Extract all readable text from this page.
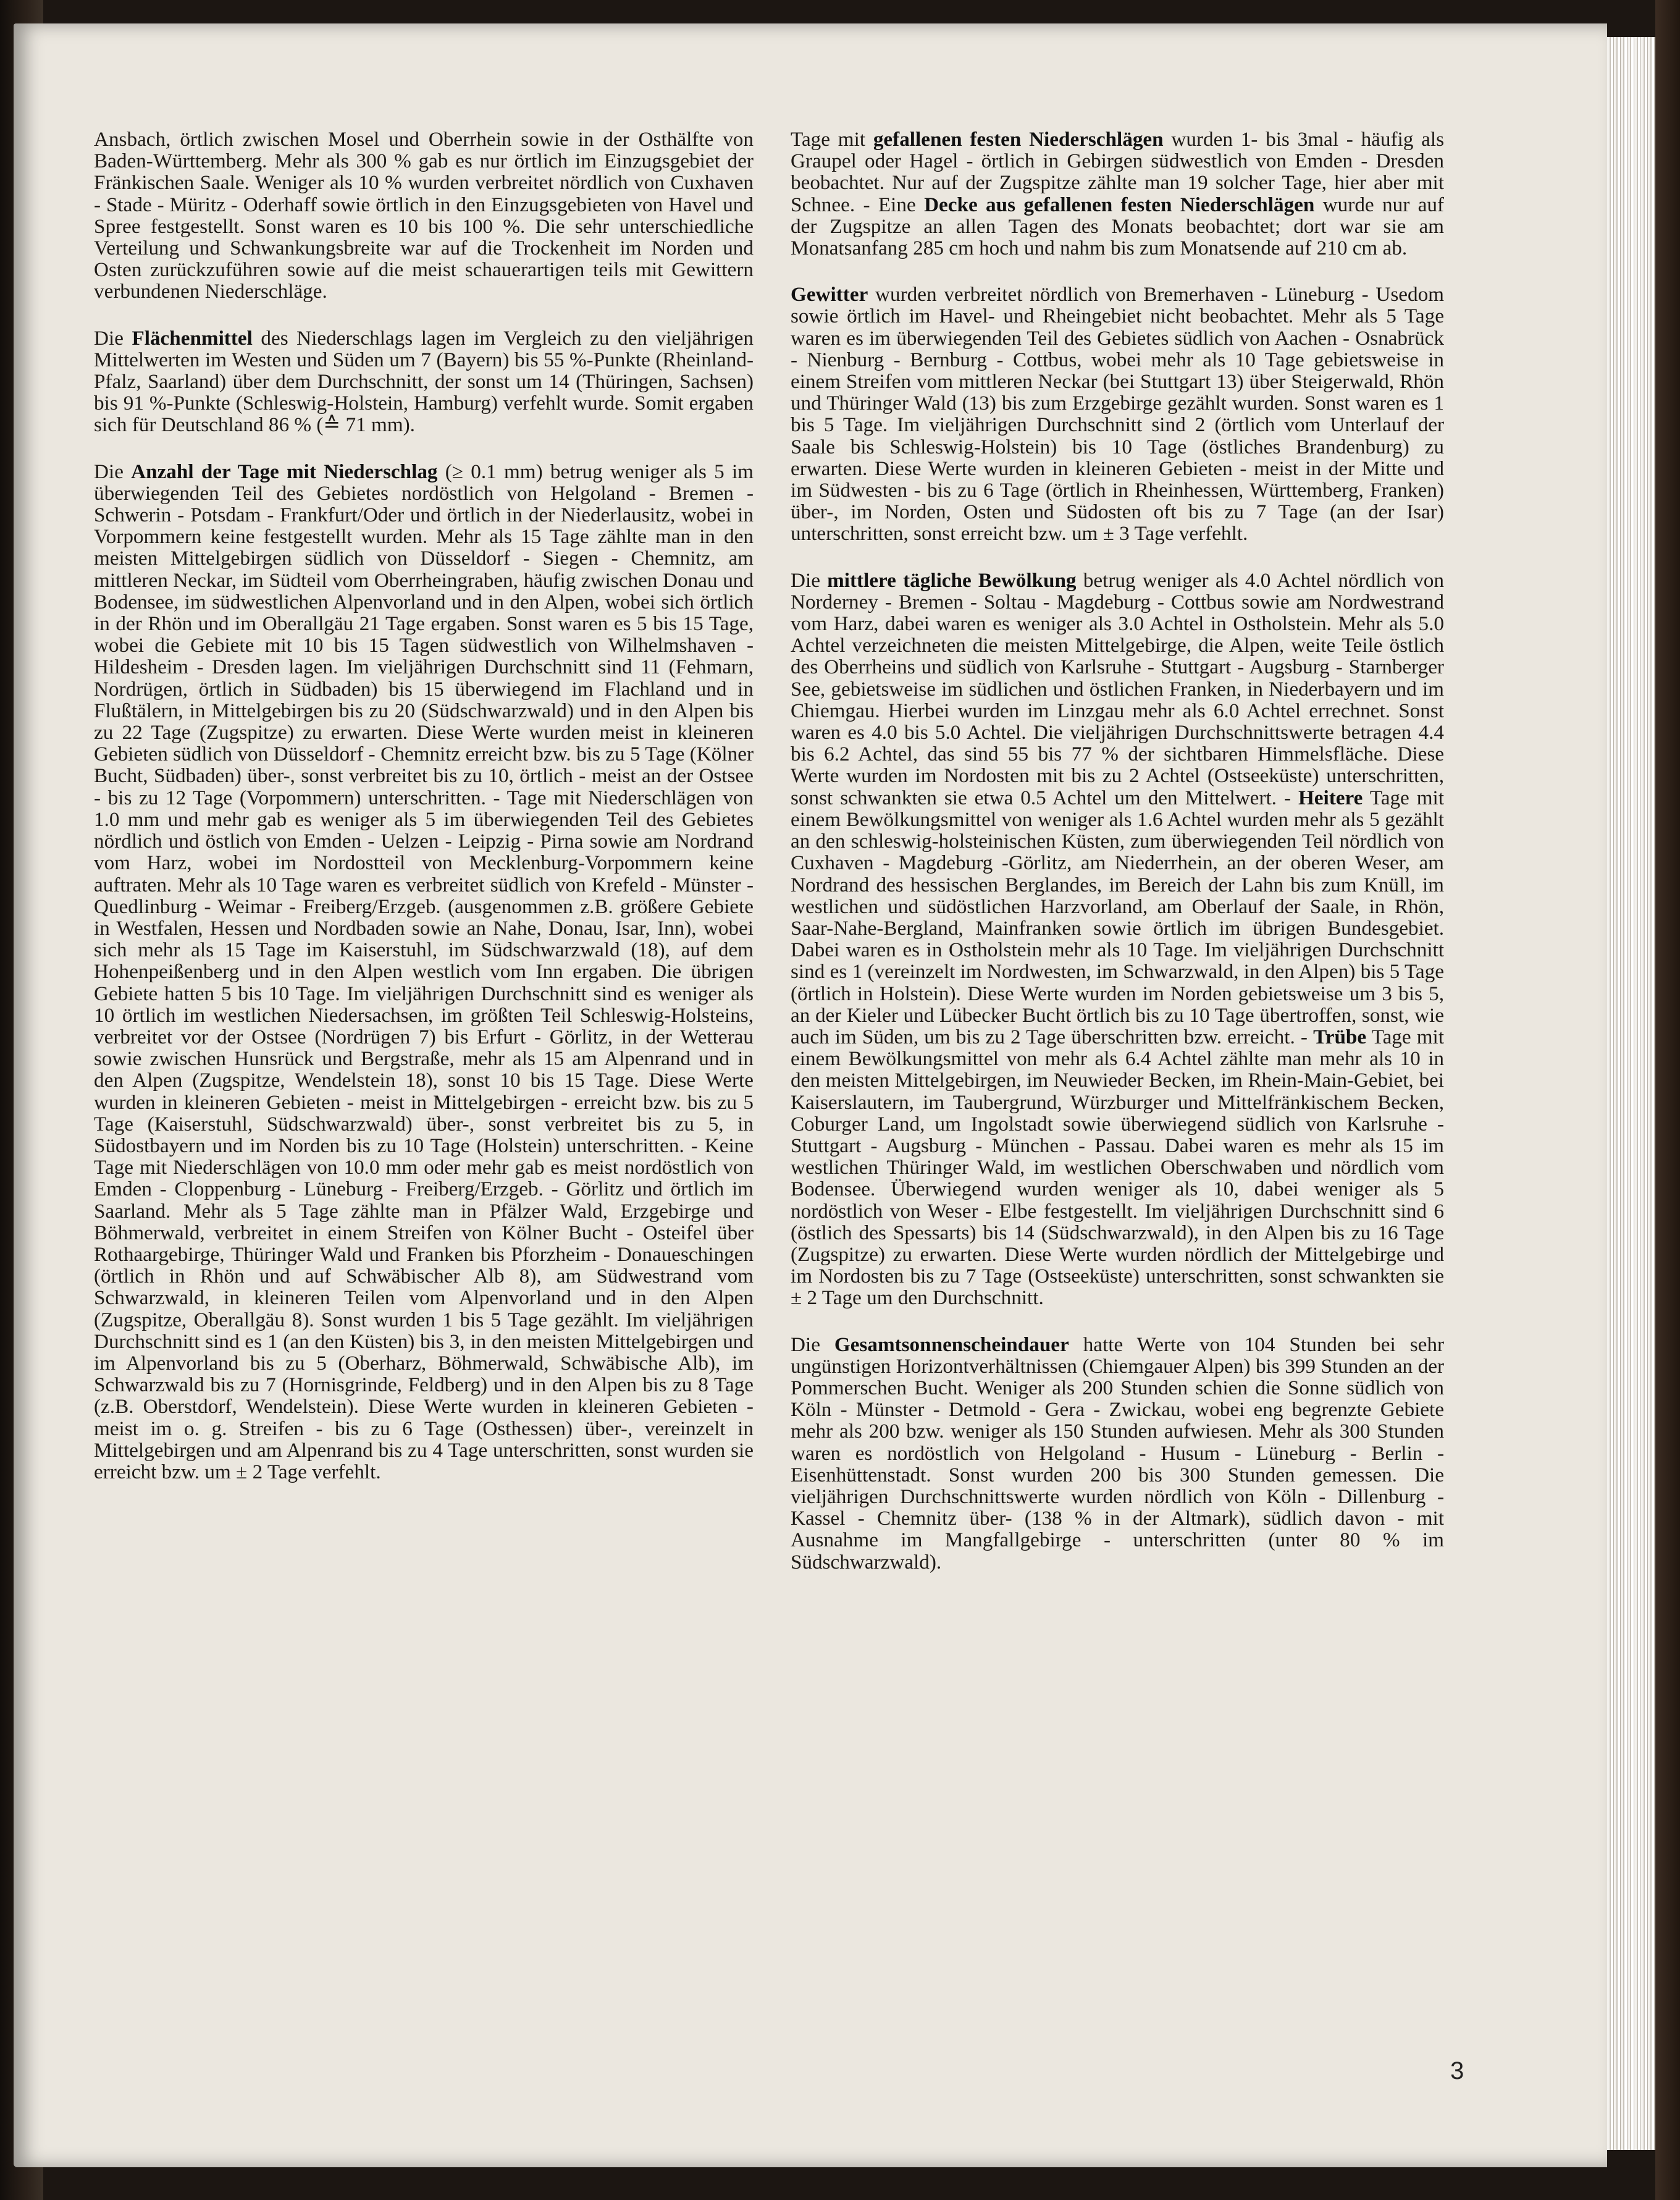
Ansbach, örtlich zwischen Mosel und Oberrhein sowie in der Osthälfte von Baden-Württemberg. Mehr als 300 % gab es nur örtlich im Einzugsgebiet der Fränkischen Saale. Weniger als 10 % wurden verbreitet nördlich von Cuxhaven - Stade - Müritz - Oderhaff sowie örtlich in den Einzugsgebieten von Havel und Spree festgestellt. Sonst waren es 10 bis 100 %. Die sehr unterschiedliche Verteilung und Schwankungsbreite war auf die Trockenheit im Norden und Osten zurückzuführen sowie auf die meist schauerartigen teils mit Gewittern verbundenen Niederschläge.

Die Flächenmittel des Niederschlags lagen im Vergleich zu den vieljährigen Mittelwerten im Westen und Süden um 7 (Bayern) bis 55 %-Punkte (Rheinland-Pfalz, Saarland) über dem Durchschnitt, der sonst um 14 (Thüringen, Sachsen) bis 91 %-Punkte (Schleswig-Holstein, Hamburg) verfehlt wurde. Somit ergaben sich für Deutschland 86 % (≙ 71 mm).

Die Anzahl der Tage mit Niederschlag (≥ 0.1 mm) betrug weniger als 5 im überwiegenden Teil des Gebietes nordöstlich von Helgoland - Bremen - Schwerin - Potsdam - Frankfurt/Oder und örtlich in der Niederlausitz, wobei in Vorpommern keine festgestellt wurden. Mehr als 15 Tage zählte man in den meisten Mittelgebirgen südlich von Düsseldorf - Siegen - Chemnitz, am mittleren Neckar, im Südteil vom Oberrheingraben, häufig zwischen Donau und Bodensee, im südwestlichen Alpenvorland und in den Alpen, wobei sich örtlich in der Rhön und im Oberallgäu 21 Tage ergaben. Sonst waren es 5 bis 15 Tage, wobei die Gebiete mit 10 bis 15 Tagen südwestlich von Wilhelmshaven - Hildesheim - Dresden lagen. Im vieljährigen Durchschnitt sind 11 (Fehmarn, Nordrügen, örtlich in Südbaden) bis 15 überwiegend im Flachland und in Flußtälern, in Mittelgebirgen bis zu 20 (Südschwarzwald) und in den Alpen bis zu 22 Tage (Zugspitze) zu erwarten. Diese Werte wurden meist in kleineren Gebieten südlich von Düsseldorf - Chemnitz erreicht bzw. bis zu 5 Tage (Kölner Bucht, Südbaden) über-, sonst verbreitet bis zu 10, örtlich - meist an der Ostsee - bis zu 12 Tage (Vorpommern) unterschritten. - Tage mit Niederschlägen von 1.0 mm und mehr gab es weniger als 5 im überwiegenden Teil des Gebietes nördlich und östlich von Emden - Uelzen - Leipzig - Pirna sowie am Nordrand vom Harz, wobei im Nordostteil von Mecklenburg-Vorpommern keine auftraten. Mehr als 10 Tage waren es verbreitet südlich von Krefeld - Münster - Quedlinburg - Weimar - Freiberg/Erzgeb. (ausgenommen z.B. größere Gebiete in Westfalen, Hessen und Nordbaden sowie an Nahe, Donau, Isar, Inn), wobei sich mehr als 15 Tage im Kaiserstuhl, im Südschwarzwald (18), auf dem Hohenpeißenberg und in den Alpen westlich vom Inn ergaben. Die übrigen Gebiete hatten 5 bis 10 Tage. Im vieljährigen Durchschnitt sind es weniger als 10 örtlich im westlichen Niedersachsen, im größten Teil Schleswig-Holsteins, verbreitet vor der Ostsee (Nordrügen 7) bis Erfurt - Görlitz, in der Wetterau sowie zwischen Hunsrück und Bergstraße, mehr als 15 am Alpenrand und in den Alpen (Zugspitze, Wendelstein 18), sonst 10 bis 15 Tage. Diese Werte wurden in kleineren Gebieten - meist in Mittelgebirgen - erreicht bzw. bis zu 5 Tage (Kaiserstuhl, Südschwarzwald) über-, sonst verbreitet bis zu 5, in Südostbayern und im Norden bis zu 10 Tage (Holstein) unterschritten. - Keine Tage mit Niederschlägen von 10.0 mm oder mehr gab es meist nordöstlich von Emden - Cloppenburg - Lüneburg - Freiberg/Erzgeb. - Görlitz und örtlich im Saarland. Mehr als 5 Tage zählte man in Pfälzer Wald, Erzgebirge und Böhmerwald, verbreitet in einem Streifen von Kölner Bucht - Osteifel über Rothaargebirge, Thüringer Wald und Franken bis Pforzheim - Donaueschingen (örtlich in Rhön und auf Schwäbischer Alb 8), am Südwestrand vom Schwarzwald, in kleineren Teilen vom Alpenvorland und in den Alpen (Zugspitze, Oberallgäu 8). Sonst wurden 1 bis 5 Tage gezählt. Im vieljährigen Durchschnitt sind es 1 (an den Küsten) bis 3, in den meisten Mittelgebirgen und im Alpenvorland bis zu 5 (Oberharz, Böhmerwald, Schwäbische Alb), im Schwarzwald bis zu 7 (Hornisgrinde, Feldberg) und in den Alpen bis zu 8 Tage (z.B. Oberstdorf, Wendelstein). Diese Werte wurden in kleineren Gebieten - meist im o. g. Streifen - bis zu 6 Tage (Osthessen) über-, vereinzelt in Mittelgebirgen und am Alpenrand bis zu 4 Tage unterschritten, sonst wurden sie erreicht bzw. um ± 2 Tage verfehlt.

Tage mit gefallenen festen Niederschlägen wurden 1- bis 3mal - häufig als Graupel oder Hagel - örtlich in Gebirgen südwestlich von Emden - Dresden beobachtet. Nur auf der Zugspitze zählte man 19 solcher Tage, hier aber mit Schnee. - Eine Decke aus gefallenen festen Niederschlägen wurde nur auf der Zugspitze an allen Tagen des Monats beobachtet; dort war sie am Monatsanfang 285 cm hoch und nahm bis zum Monatsende auf 210 cm ab.

Gewitter wurden verbreitet nördlich von Bremerhaven - Lüneburg - Usedom sowie örtlich im Havel- und Rheingebiet nicht beobachtet. Mehr als 5 Tage waren es im überwiegenden Teil des Gebietes südlich von Aachen - Osnabrück - Nienburg - Bernburg - Cottbus, wobei mehr als 10 Tage gebietsweise in einem Streifen vom mittleren Neckar (bei Stuttgart 13) über Steigerwald, Rhön und Thüringer Wald (13) bis zum Erzgebirge gezählt wurden. Sonst waren es 1 bis 5 Tage. Im vieljährigen Durchschnitt sind 2 (örtlich vom Unterlauf der Saale bis Schleswig-Holstein) bis 10 Tage (östliches Brandenburg) zu erwarten. Diese Werte wurden in kleineren Gebieten - meist in der Mitte und im Südwesten - bis zu 6 Tage (örtlich in Rheinhessen, Württemberg, Franken) über-, im Norden, Osten und Südosten oft bis zu 7 Tage (an der Isar) unterschritten, sonst erreicht bzw. um ± 3 Tage verfehlt.

Die mittlere tägliche Bewölkung betrug weniger als 4.0 Achtel nördlich von Norderney - Bremen - Soltau - Magdeburg - Cottbus sowie am Nordwestrand vom Harz, dabei waren es weniger als 3.0 Achtel in Ostholstein. Mehr als 5.0 Achtel verzeichneten die meisten Mittelgebirge, die Alpen, weite Teile östlich des Oberrheins und südlich von Karlsruhe - Stuttgart - Augsburg - Starnberger See, gebietsweise im südlichen und östlichen Franken, in Niederbayern und im Chiemgau. Hierbei wurden im Linzgau mehr als 6.0 Achtel errechnet. Sonst waren es 4.0 bis 5.0 Achtel. Die vieljährigen Durchschnittswerte betragen 4.4 bis 6.2 Achtel, das sind 55 bis 77 % der sichtbaren Himmelsfläche. Diese Werte wurden im Nordosten mit bis zu 2 Achtel (Ostseeküste) unterschritten, sonst schwankten sie etwa 0.5 Achtel um den Mittelwert. - Heitere Tage mit einem Bewölkungsmittel von weniger als 1.6 Achtel wurden mehr als 5 gezählt an den schleswig-holsteinischen Küsten, zum überwiegenden Teil nördlich von Cuxhaven - Magdeburg -Görlitz, am Niederrhein, an der oberen Weser, am Nordrand des hessischen Berglandes, im Bereich der Lahn bis zum Knüll, im westlichen und südöstlichen Harzvorland, am Oberlauf der Saale, in Rhön, Saar-Nahe-Bergland, Mainfranken sowie örtlich im übrigen Bundesgebiet. Dabei waren es in Ostholstein mehr als 10 Tage. Im vieljährigen Durchschnitt sind es 1 (vereinzelt im Nordwesten, im Schwarzwald, in den Alpen) bis 5 Tage (örtlich in Holstein). Diese Werte wurden im Norden gebietsweise um 3 bis 5, an der Kieler und Lübecker Bucht örtlich bis zu 10 Tage übertroffen, sonst, wie auch im Süden, um bis zu 2 Tage überschritten bzw. erreicht. - Trübe Tage mit einem Bewölkungsmittel von mehr als 6.4 Achtel zählte man mehr als 10 in den meisten Mittelgebirgen, im Neuwieder Becken, im Rhein-Main-Gebiet, bei Kaiserslautern, im Taubergrund, Würzburger und Mittelfränkischem Becken, Coburger Land, um Ingolstadt sowie überwiegend südlich von Karlsruhe -Stuttgart - Augsburg - München - Passau. Dabei waren es mehr als 15 im westlichen Thüringer Wald, im westlichen Oberschwaben und nördlich vom Bodensee. Überwiegend wurden weniger als 10, dabei weniger als 5 nordöstlich von Weser - Elbe festgestellt. Im vieljährigen Durchschnitt sind 6 (östlich des Spessarts) bis 14 (Südschwarzwald), in den Alpen bis zu 16 Tage (Zugspitze) zu erwarten. Diese Werte wurden nördlich der Mittelgebirge und im Nordosten bis zu 7 Tage (Ostseeküste) unterschritten, sonst schwankten sie ± 2 Tage um den Durchschnitt.

Die Gesamtsonnenscheindauer hatte Werte von 104 Stunden bei sehr ungünstigen Horizontverhältnissen (Chiemgauer Alpen) bis 399 Stunden an der Pommerschen Bucht. Weniger als 200 Stunden schien die Sonne südlich von Köln - Münster - Detmold - Gera - Zwickau, wobei eng begrenzte Gebiete mehr als 200 bzw. weniger als 150 Stunden aufwiesen. Mehr als 300 Stunden waren es nordöstlich von Helgoland - Husum - Lüneburg - Berlin - Eisenhüttenstadt. Sonst wurden 200 bis 300 Stunden gemessen. Die vieljährigen Durchschnittswerte wurden nördlich von Köln - Dillenburg - Kassel - Chemnitz über- (138 % in der Altmark), südlich davon - mit Ausnahme im Mangfallgebirge - unterschritten (unter 80 % im Südschwarzwald).

3
